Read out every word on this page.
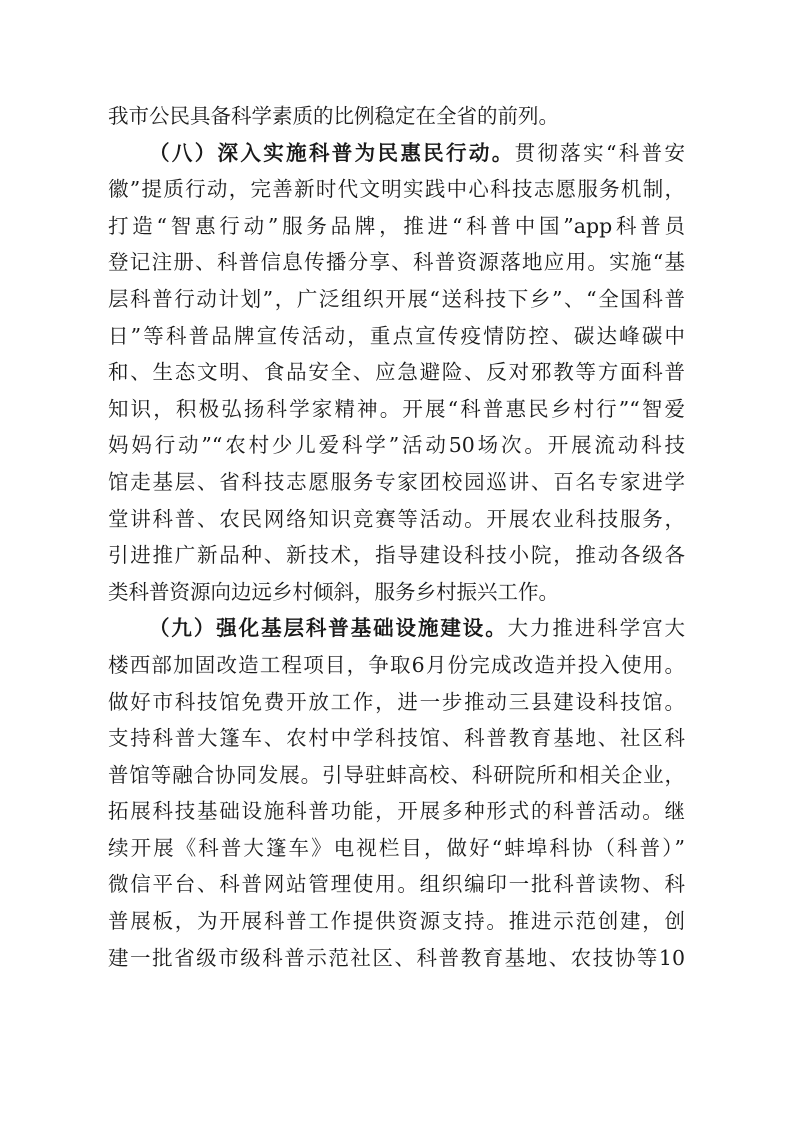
我市公民具备科学素质的比例稳定在全省的前列。
（八）深入实施科普为民惠民行动。贯彻落实“科普安
徽”提质行动，完善新时代文明实践中心科技志愿服务机制，
打造“智惠行动”服务品牌，推进“科普中国”app科普员
登记注册、科普信息传播分享、科普资源落地应用。实施“基
层科普行动计划”，广泛组织开展“送科技下乡”、“全国科普
日”等科普品牌宣传活动，重点宣传疫情防控、碳达峰碳中
和、生态文明、食品安全、应急避险、反对邪教等方面科普
知识，积极弘扬科学家精神。开展“科普惠民乡村行”“智爱
妈妈行动”“农村少儿爱科学”活动50场次。开展流动科技
馆走基层、省科技志愿服务专家团校园巡讲、百名专家进学
堂讲科普、农民网络知识竞赛等活动。开展农业科技服务，
引进推广新品种、新技术，指导建设科技小院，推动各级各
类科普资源向边远乡村倾斜，服务乡村振兴工作。
（九）强化基层科普基础设施建设。大力推进科学宫大
楼西部加固改造工程项目，争取6月份完成改造并投入使用。
做好市科技馆免费开放工作，进一步推动三县建设科技馆。
支持科普大篷车、农村中学科技馆、科普教育基地、社区科
普馆等融合协同发展。引导驻蚌高校、科研院所和相关企业，
拓展科技基础设施科普功能，开展多种形式的科普活动。继
续开展《科普大篷车》电视栏目，做好“蚌埠科协（科普）”
微信平台、科普网站管理使用。组织编印一批科普读物、科
普展板，为开展科普工作提供资源支持。推进示范创建，创
建一批省级市级科普示范社区、科普教育基地、农技协等10
